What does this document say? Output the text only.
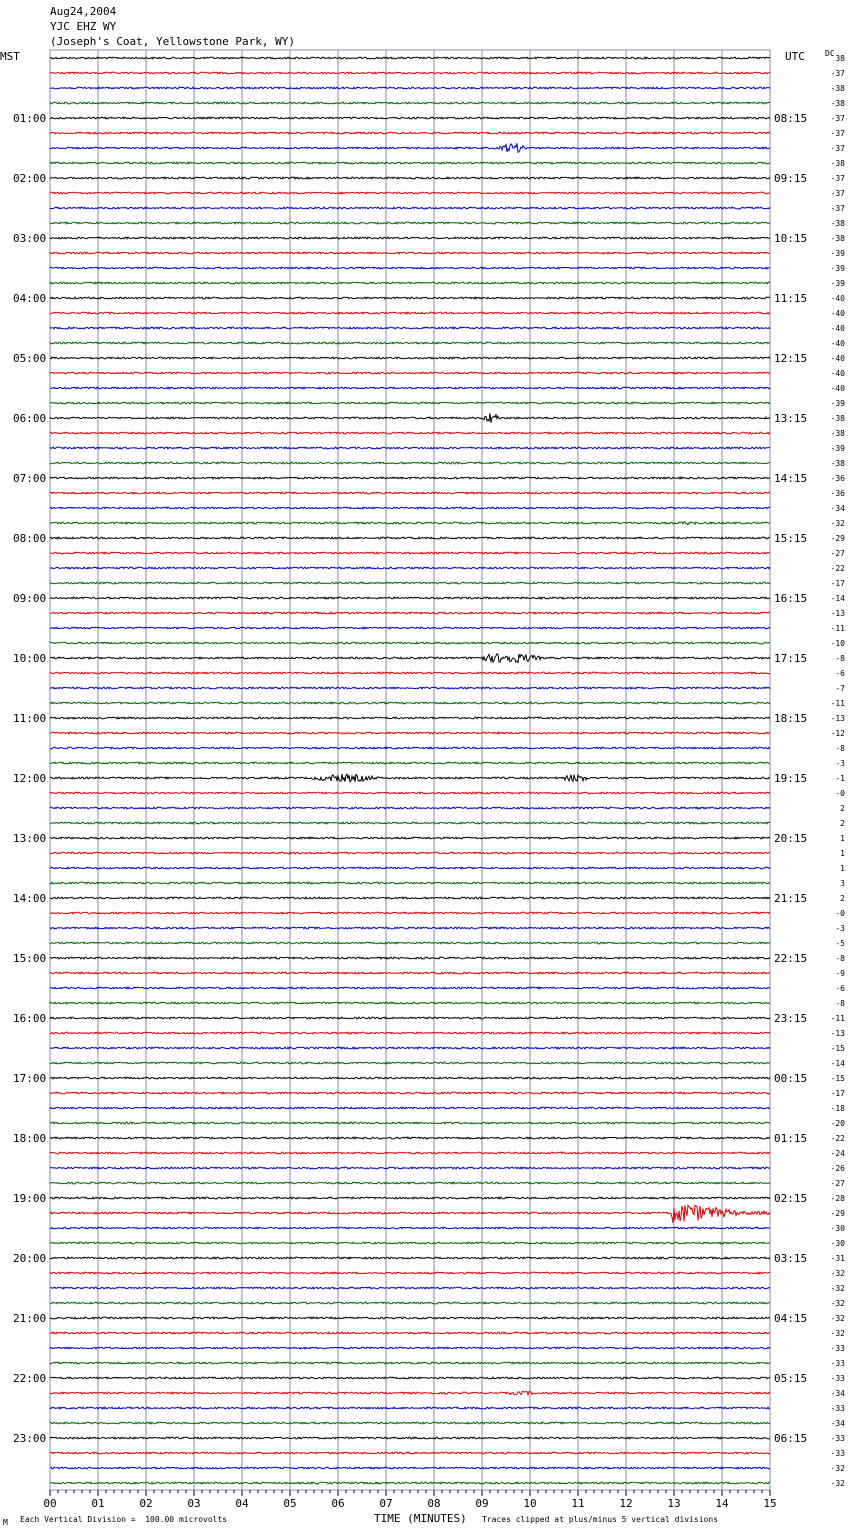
38
-37
-38
-38
-37
-37
-37
-38
-37
-37
-37
-38
-38
-39
-39
-39
-40
-40
-40
-40
-40
-40
-40
-39
-38
-38
-39
-38
-36
-36
-34
-32
-29
-27
-22
-17
-14
-13
-11
-10
-8
-6
-7
-11
-13
-12
-8
-3
-1
-0
2
2
1
1
1
3
2
-0
-3
-5
-8
-9
-6
-8
-11
-13
-15
-14
-15
-17
-18
-20
-22
-24
-26
-27
-28
-29
-30
-30
-31
-32
-32
-32
-32
-32
-33
-33
-33
-34
-33
-34
-33
-33
-32
-32
01:00	08:15
02:00	09:15
03:00	10:15
04:00	11:15
05:00	12:15
06:00	13:15
07:00	14:15
08:00	15:15
09:00	16:15
10:00	17:15
11:00	18:15
12:00	19:15
13:00	20:15
14:00	21:15
15:00	22:15
16:00	23:15
17:00	00:15
18:00	01:15
19:00	02:15
20:00	03:15
21:00	04:15
22:00	05:15
23:00	06:15
00	01	02	03	04	05	06	07	08	09	10	11	12	13	14	15
Aug24,2004
YJC EHZ WY
(Joseph's Coat, Yellowstone Park, WY)
MST	UTC	DC
M Each Vertical Division =  100.00 microvolts	TIME (MINUTES) Traces clipped at plus/minus 5 vertical divisions
